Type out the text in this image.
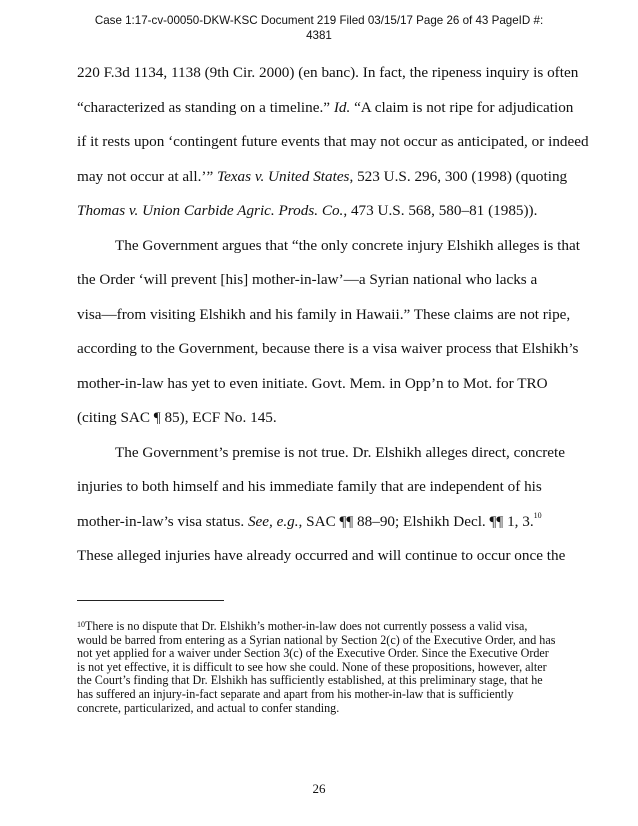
Case 1:17-cv-00050-DKW-KSC Document 219 Filed 03/15/17 Page 26 of 43 PageID #:
4381
220 F.3d 1134, 1138 (9th Cir. 2000) (en banc). In fact, the ripeness inquiry is often
“characterized as standing on a timeline.” Id. “A claim is not ripe for adjudication
if it rests upon ‘contingent future events that may not occur as anticipated, or indeed
may not occur at all.’” Texas v. United States, 523 U.S. 296, 300 (1998) (quoting
Thomas v. Union Carbide Agric. Prods. Co., 473 U.S. 568, 580–81 (1985)).
The Government argues that “the only concrete injury Elshikh alleges is that
the Order ‘will prevent [his] mother-in-law’—a Syrian national who lacks a
visa—from visiting Elshikh and his family in Hawaii.” These claims are not ripe,
according to the Government, because there is a visa waiver process that Elshikh’s
mother-in-law has yet to even initiate. Govt. Mem. in Opp’n to Mot. for TRO
(citing SAC ¶ 85), ECF No. 145.
The Government’s premise is not true. Dr. Elshikh alleges direct, concrete
injuries to both himself and his immediate family that are independent of his
mother-in-law’s visa status. See, e.g., SAC ¶¶ 88–90; Elshikh Decl. ¶¶ 1, 3.10
These alleged injuries have already occurred and will continue to occur once the
$^{10}$There is no dispute that Dr. Elshikh’s mother-in-law does not currently possess a valid visa,
would be barred from entering as a Syrian national by Section 2(c) of the Executive Order, and has
not yet applied for a waiver under Section 3(c) of the Executive Order. Since the Executive Order
is not yet effective, it is difficult to see how she could. None of these propositions, however, alter
the Court’s finding that Dr. Elshikh has sufficiently established, at this preliminary stage, that he
has suffered an injury-in-fact separate and apart from his mother-in-law that is sufficiently
concrete, particularized, and actual to confer standing.
26
